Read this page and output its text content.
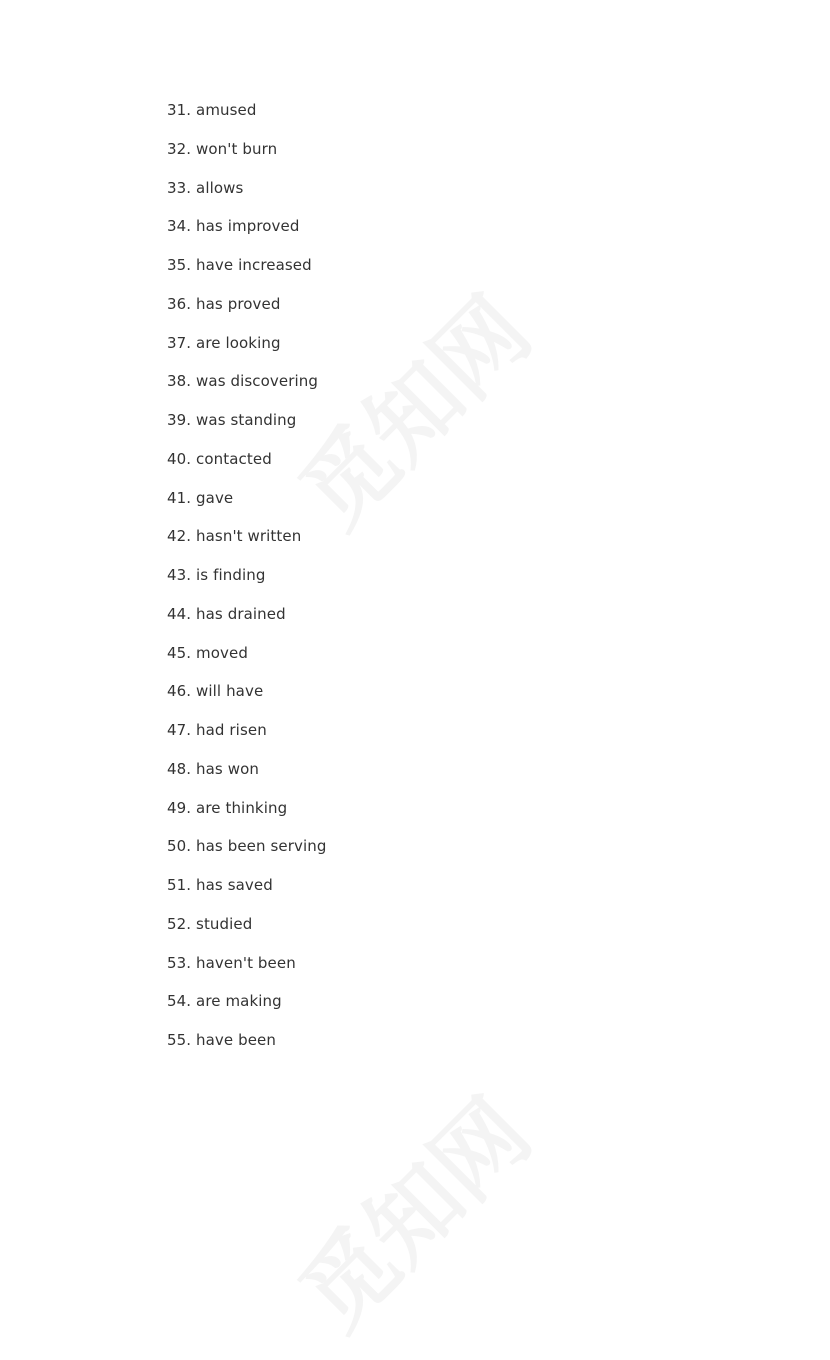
31. amused
32. won't burn
33. allows
34. has improved
35. have increased
36. has proved
37. are looking
38. was discovering
39. was standing
40. contacted
41. gave
42. hasn't written
43. is finding
44. has drained
45. moved
46. will have
47. had risen
48. has won
49. are thinking
50. has been serving
51. has saved
52. studied
53. haven't been
54. are making
55. have been
